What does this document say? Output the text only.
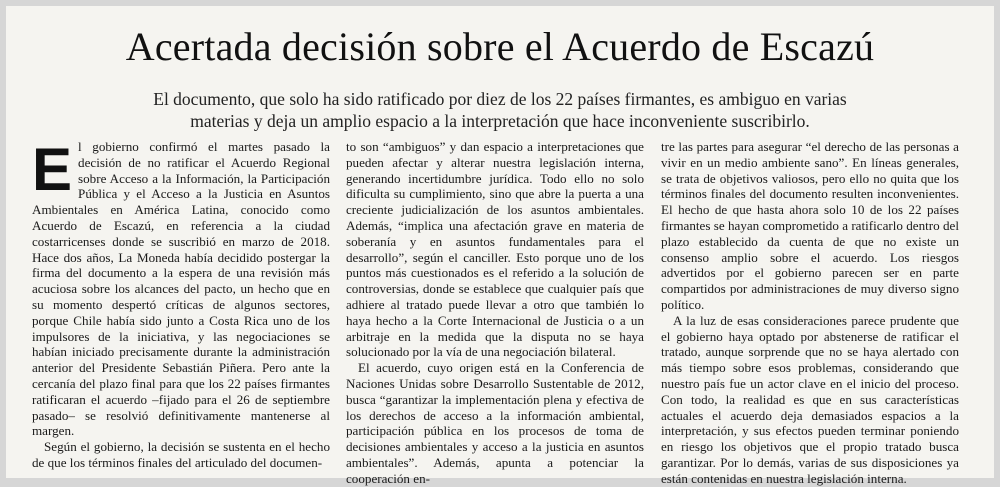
Acertada decisión sobre el Acuerdo de Escazú

El documento, que solo ha sido ratificado por diez de los 22 países firmantes, es ambiguo en varias materias y deja un amplio espacio a la interpretación que hace inconveniente suscribirlo.

El gobierno confirmó el martes pasado la decisión de no ratificar el Acuerdo Regional sobre Acceso a la Información, la Participación Pública y el Acceso a la Justicia en Asuntos Ambientales en América Latina, conocido como Acuerdo de Escazú, en referencia a la ciudad costarricenses donde se suscribió en marzo de 2018. Hace dos años, La Moneda había decidido postergar la firma del documento a la espera de una revisión más acuciosa sobre los alcances del pacto, un hecho que en su momento despertó críticas de algunos sectores, porque Chile había sido junto a Costa Rica uno de los impulsores de la iniciativa, y las negociaciones se habían iniciado precisamente durante la administración anterior del Presidente Sebastián Piñera. Pero ante la cercanía del plazo final para que los 22 países firmantes ratificaran el acuerdo –fijado para el 26 de septiembre pasado– se resolvió definitivamente mantenerse al margen.

Según el gobierno, la decisión se sustenta en el hecho de que los términos finales del articulado del documen-

to son “ambiguos” y dan espacio a interpretaciones que pueden afectar y alterar nuestra legislación interna, generando incertidumbre jurídica. Todo ello no solo dificulta su cumplimiento, sino que abre la puerta a una creciente judicialización de los asuntos ambientales. Además, “implica una afectación grave en materia de soberanía y en asuntos fundamentales para el desarrollo”, según el canciller. Esto porque uno de los puntos más cuestionados es el referido a la solución de controversias, donde se establece que cualquier país que adhiere al tratado puede llevar a otro que también lo haya hecho a la Corte Internacional de Justicia o a un arbitraje en la medida que la disputa no se haya solucionado por la vía de una negociación bilateral.

El acuerdo, cuyo origen está en la Conferencia de Naciones Unidas sobre Desarrollo Sustentable de 2012, busca “garantizar la implementación plena y efectiva de los derechos de acceso a la información ambiental, participación pública en los procesos de toma de decisiones ambientales y acceso a la justicia en asuntos ambientales”. Además, apunta a potenciar la cooperación en-

tre las partes para asegurar “el derecho de las personas a vivir en un medio ambiente sano”. En líneas generales, se trata de objetivos valiosos, pero ello no quita que los términos finales del documento resulten inconvenientes. El hecho de que hasta ahora solo 10 de los 22 países firmantes se hayan comprometido a ratificarlo dentro del plazo establecido da cuenta de que no existe un consenso amplio sobre el acuerdo. Los riesgos advertidos por el gobierno parecen ser en parte compartidos por administraciones de muy diverso signo político.

A la luz de esas consideraciones parece prudente que el gobierno haya optado por abstenerse de ratificar el tratado, aunque sorprende que no se haya alertado con más tiempo sobre esos problemas, considerando que nuestro país fue un actor clave en el inicio del proceso. Con todo, la realidad es que en sus características actuales el acuerdo deja demasiados espacios a la interpretación, y sus efectos pueden terminar poniendo en riesgo los objetivos que el propio tratado busca garantizar. Por lo demás, varias de sus disposiciones ya están contenidas en nuestra legislación interna.
